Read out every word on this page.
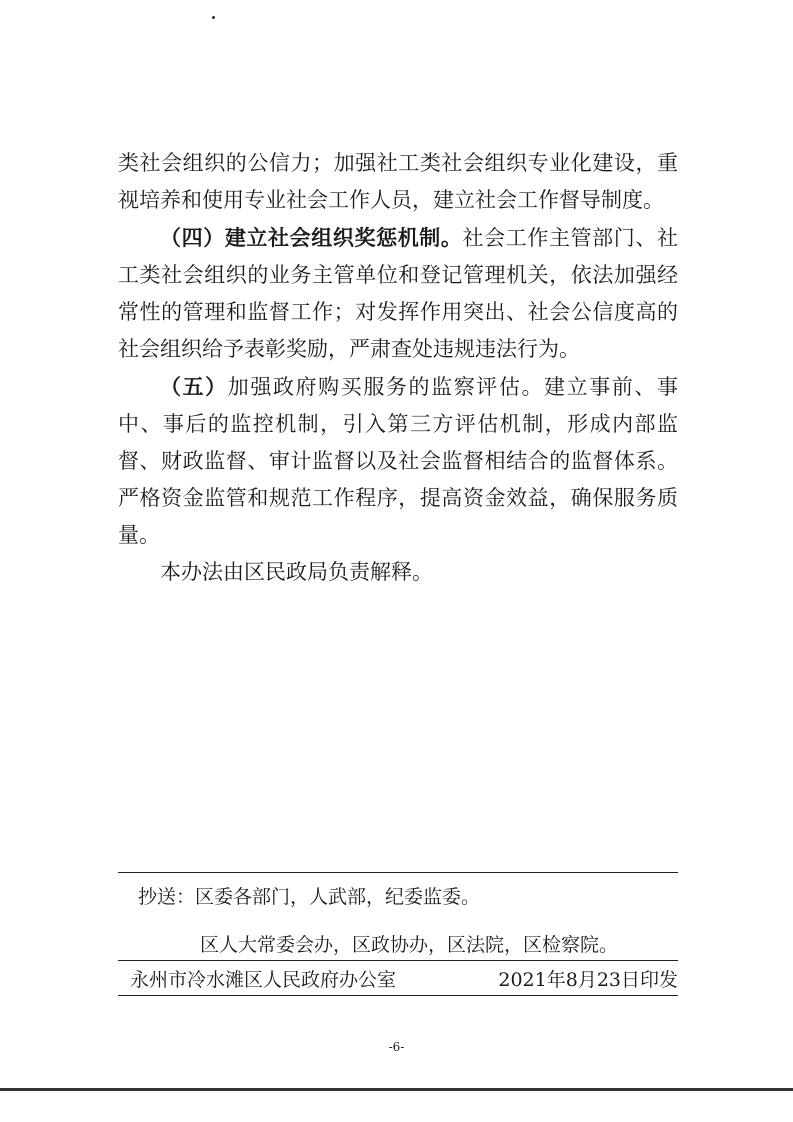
类社会组织的公信力；加强社工类社会组织专业化建设，重视培养和使用专业社会工作人员，建立社会工作督导制度。

（四）建立社会组织奖惩机制。社会工作主管部门、社工类社会组织的业务主管单位和登记管理机关，依法加强经常性的管理和监督工作；对发挥作用突出、社会公信度高的社会组织给予表彰奖励，严肃查处违规违法行为。

（五）加强政府购买服务的监察评估。建立事前、事中、事后的监控机制，引入第三方评估机制，形成内部监督、财政监督、审计监督以及社会监督相结合的监督体系。严格资金监管和规范工作程序，提高资金效益，确保服务质量。

本办法由区民政局负责解释。

抄送：区委各部门，人武部，纪委监委。
区人大常委会办，区政协办，区法院，区检察院。
永州市冷水滩区人民政府办公室	2021年8月23日印发
-6-
